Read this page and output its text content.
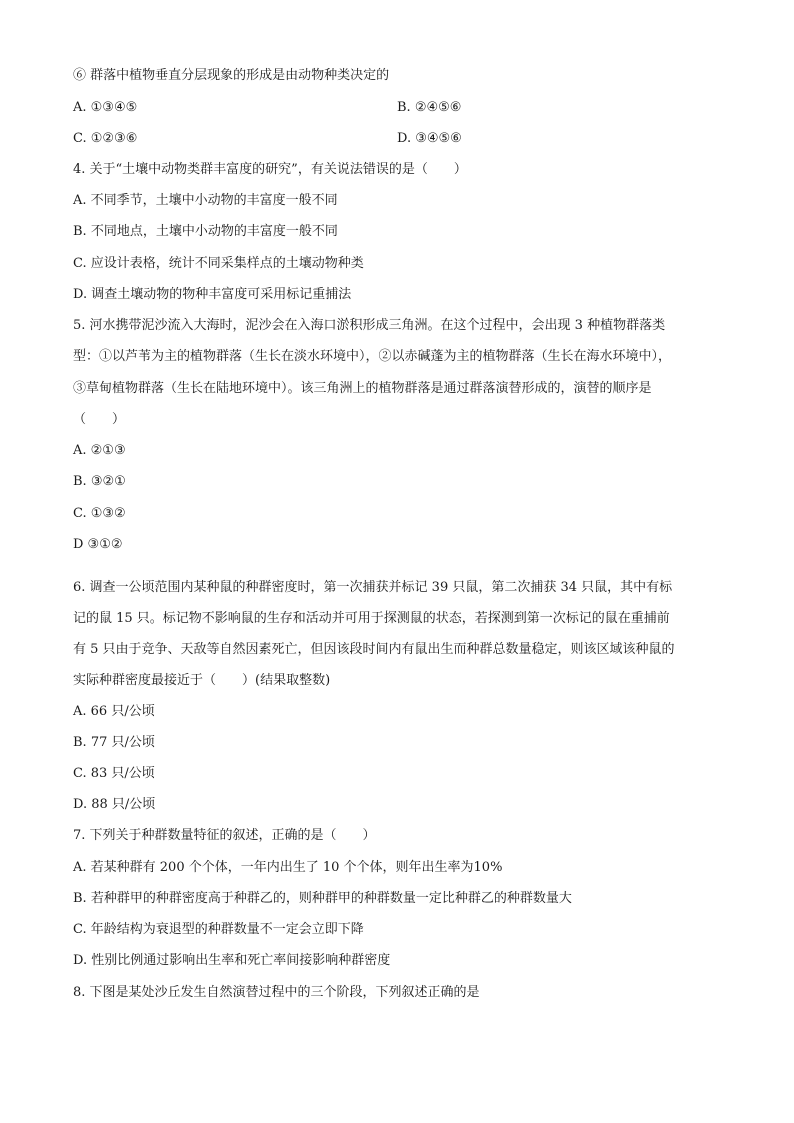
⑥ 群落中植物垂直分层现象的形成是由动物种类决定的
A. ①③④⑤	B. ②④⑤⑥
C. ①②③⑥	D. ③④⑤⑥
4. 关于“土壤中动物类群丰富度的研究”，有关说法错误的是（　　）
A. 不同季节，土壤中小动物的丰富度一般不同
B. 不同地点，土壤中小动物的丰富度一般不同
C. 应设计表格，统计不同采集样点的土壤动物种类
D. 调查土壤动物的物种丰富度可采用标记重捕法
5. 河水携带泥沙流入大海时，泥沙会在入海口淤积形成三角洲。在这个过程中，会出现 3 种植物群落类
型：①以芦苇为主的植物群落（生长在淡水环境中），②以赤碱蓬为主的植物群落（生长在海水环境中），
③草甸植物群落（生长在陆地环境中）。该三角洲上的植物群落是通过群落演替形成的，演替的顺序是
（　　）
A. ②①③
B. ③②①
C. ①③②
D ③①②
6. 调查一公顷范围内某种鼠的种群密度时，第一次捕获并标记 39 只鼠，第二次捕获 34 只鼠，其中有标
记的鼠 15 只。标记物不影响鼠的生存和活动并可用于探测鼠的状态，若探测到第一次标记的鼠在重捕前
有 5 只由于竞争、天敌等自然因素死亡，但因该段时间内有鼠出生而种群总数量稳定，则该区域该种鼠的
实际种群密度最接近于（　　）(结果取整数)
A. 66 只/公顷
B. 77 只/公顷
C. 83 只/公顷
D. 88 只/公顷
7. 下列关于种群数量特征的叙述，正确的是（　　）
A. 若某种群有 200 个个体，一年内出生了 10 个个体，则年出生率为10%
B. 若种群甲的种群密度高于种群乙的，则种群甲的种群数量一定比种群乙的种群数量大
C. 年龄结构为衰退型的种群数量不一定会立即下降
D. 性别比例通过影响出生率和死亡率间接影响种群密度
8. 下图是某处沙丘发生自然演替过程中的三个阶段，下列叙述正确的是
